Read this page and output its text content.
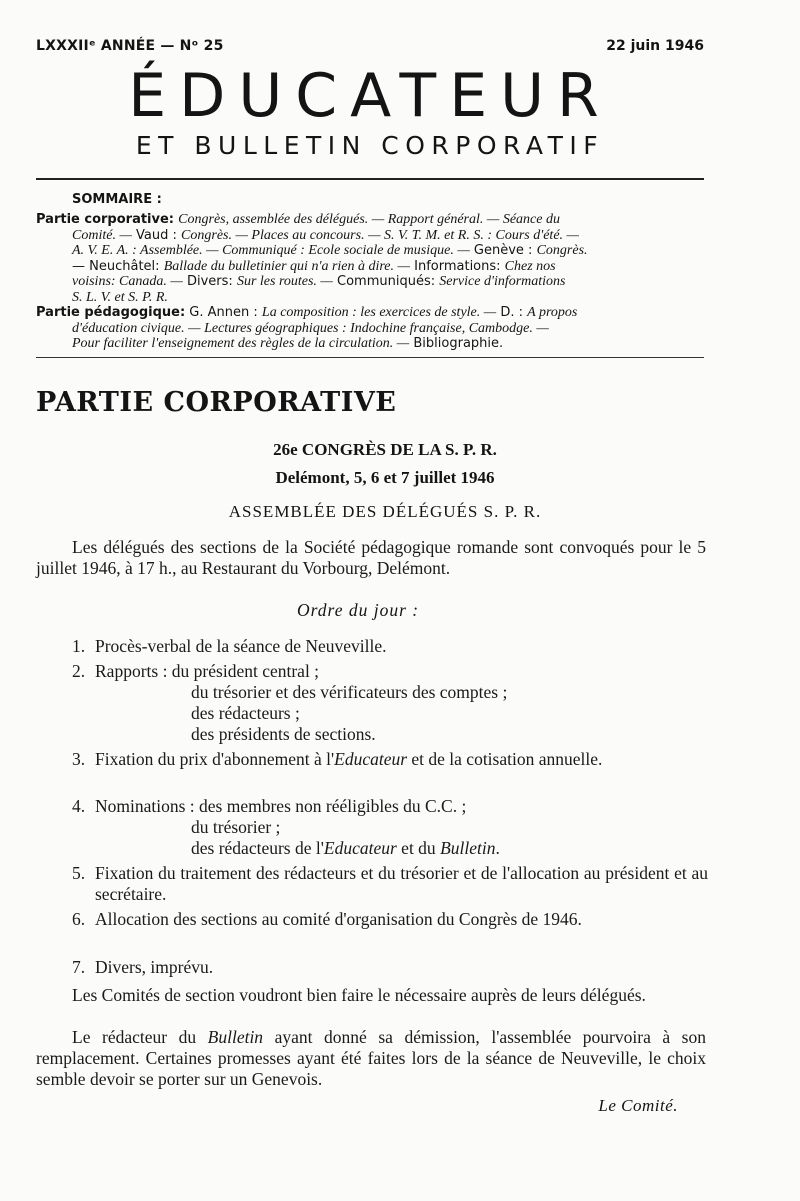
LXXXIIᵉ ANNÉE — Nᵒ 25	22 juin 1946
ÉDUCATEUR
ET BULLETIN CORPORATIF
SOMMAIRE :
Partie corporative: Congrès, assemblée des délégués. — Rapport général. — Séance du
Comité. — Vaud : Congrès. — Places au concours. — S. V. T. M. et R. S. : Cours d'été. —
A. V. E. A. : Assemblée. — Communiqué : Ecole sociale de musique. — Genève : Congrès.
— Neuchâtel: Ballade du bulletinier qui n'a rien à dire. — Informations: Chez nos
voisins: Canada. — Divers: Sur les routes. — Communiqués: Service d'informations
S. L. V. et S. P. R.
Partie pédagogique: G. Annen : La composition : les exercices de style. — D. : A propos
d'éducation civique. — Lectures géographiques : Indochine française, Cambodge. —
Pour faciliter l'enseignement des règles de la circulation. — Bibliographie.
PARTIE CORPORATIVE
26e CONGRÈS DE LA S. P. R.
Delémont, 5, 6 et 7 juillet 1946
ASSEMBLÉE DES DÉLÉGUÉS S. P. R.
Les délégués des sections de la Société pédagogique romande sont convoqués pour le 5 juillet 1946, à 17 h., au Restaurant du Vorbourg, Delémont.
Ordre du jour :
1. Procès-verbal de la séance de Neuveville.
2. Rapports : du président central ;
du trésorier et des vérificateurs des comptes ;
des rédacteurs ;
des présidents de sections.
3. Fixation du prix d'abonnement à l'Educateur et de la cotisation annuelle.
4. Nominations : des membres non rééligibles du C.C. ;
du trésorier ;
des rédacteurs de l'Educateur et du Bulletin.
5. Fixation du traitement des rédacteurs et du trésorier et de l'allocation au président et au secrétaire.
6. Allocation des sections au comité d'organisation du Congrès de 1946.
7. Divers, imprévu.
Les Comités de section voudront bien faire le nécessaire auprès de leurs délégués.
Le rédacteur du Bulletin ayant donné sa démission, l'assemblée pourvoira à son remplacement. Certaines promesses ayant été faites lors de la séance de Neuveville, le choix semble devoir se porter sur un Genevois.
Le Comité.
